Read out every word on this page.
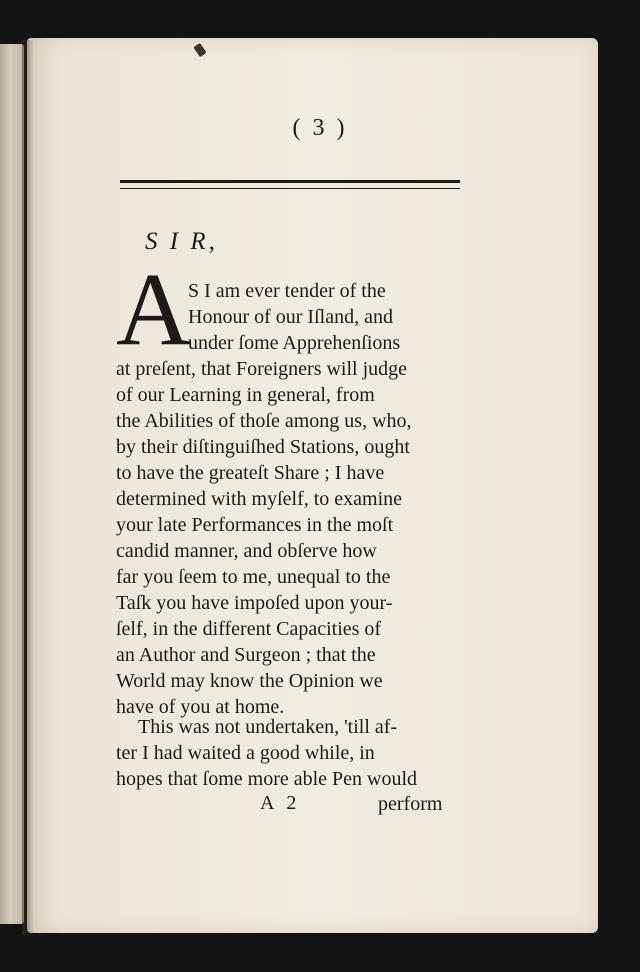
( 3 )
S I R,
A
S I am ever tender of the
Honour of our Iſland, and
under ſome Apprehenſions
at preſent, that Foreigners will judge
of our Learning in general, from
the Abilities of thoſe among us, who,
by their diſtinguiſhed Stations, ought
to have the greateſt Share ; I have
determined with myſelf, to examine
your late Performances in the moſt
candid manner, and obſerve how
far you ſeem to me, unequal to the
Taſk you have impoſed upon your-
ſelf, in the different Capacities of
an Author and Surgeon ; that the
World may know the Opinion we
have of you at home.
This was not undertaken, 'till af-
ter I had waited a good while, in
hopes that ſome more able Pen would
A 2	perform
